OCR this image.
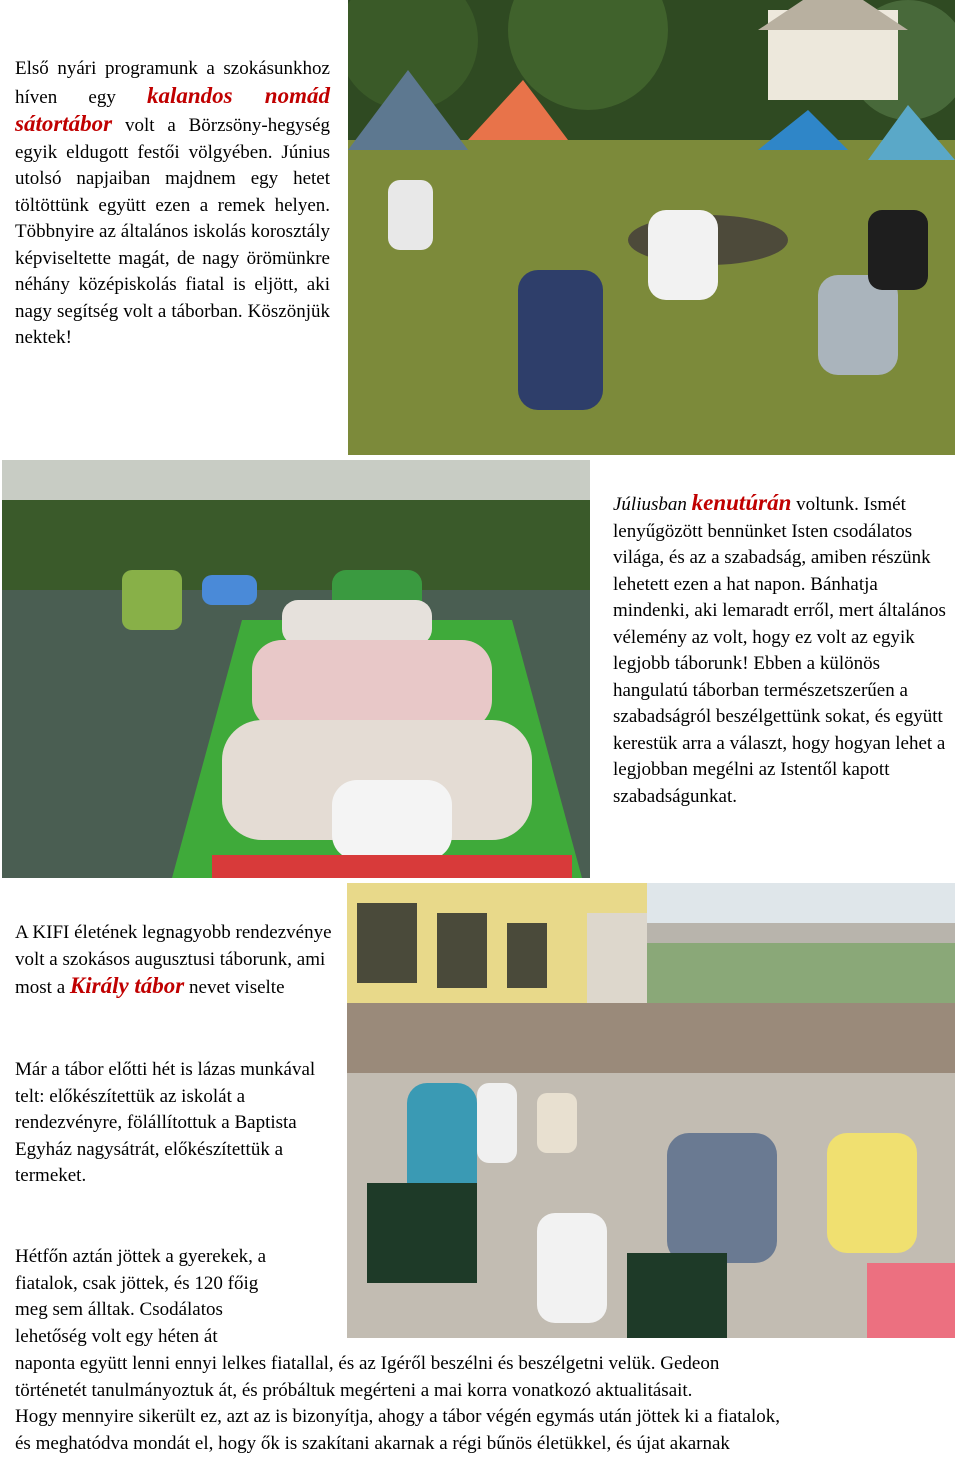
Első nyári programunk a szokásunkhoz híven egy kalandos nomád sátortábor volt a Börzsöny-hegység egyik eldugott festői völgyében. Június utolsó napjaiban majdnem egy hetet töltöttünk együtt ezen a remek helyen. Többnyire az általános iskolás korosztály képviseltette magát, de nagy örömünkre néhány középiskolás fiatal is eljött, aki nagy segítség volt a táborban. Köszönjük nektek!
Júliusban kenutúrán voltunk. Ismét lenyűgözött bennünket Isten csodálatos világa, és az a szabadság, amiben részünk lehetett ezen a hat napon. Bánhatja mindenki, aki lemaradt erről, mert általános vélemény az volt, hogy ez volt az egyik legjobb táborunk! Ebben a különös hangulatú táborban természetszerűen a szabadságról beszélgettünk sokat, és együtt kerestük arra a választ, hogy hogyan lehet a legjobban megélni az Istentől kapott szabadságunkat.
A KIFI életének legnagyobb rendezvénye volt a szokásos augusztusi táborunk, ami most a Király tábor nevet viselte
Már a tábor előtti hét is lázas munkával telt: előkészítettük az iskolát a rendezvényre, fölállítottuk a Baptista Egyház nagysátrát, előkészítettük a termeket.
Hétfőn aztán jöttek a gyerekek, a
fiatalok, csak jöttek, és 120 főig
meg sem álltak. Csodálatos
lehetőség volt egy héten át
naponta együtt lenni ennyi lelkes fiatallal, és az Igéről beszélni és beszélgetni velük. Gedeon
történetét tanulmányoztuk át, és próbáltuk megérteni a mai korra vonatkozó aktualitásait.
Hogy mennyire sikerült ez, azt az is bizonyítja, ahogy a tábor végén egymás után jöttek ki a fiatalok,
és meghatódva mondát el, hogy ők is szakítani akarnak a régi bűnös életükkel, és újat akarnak
